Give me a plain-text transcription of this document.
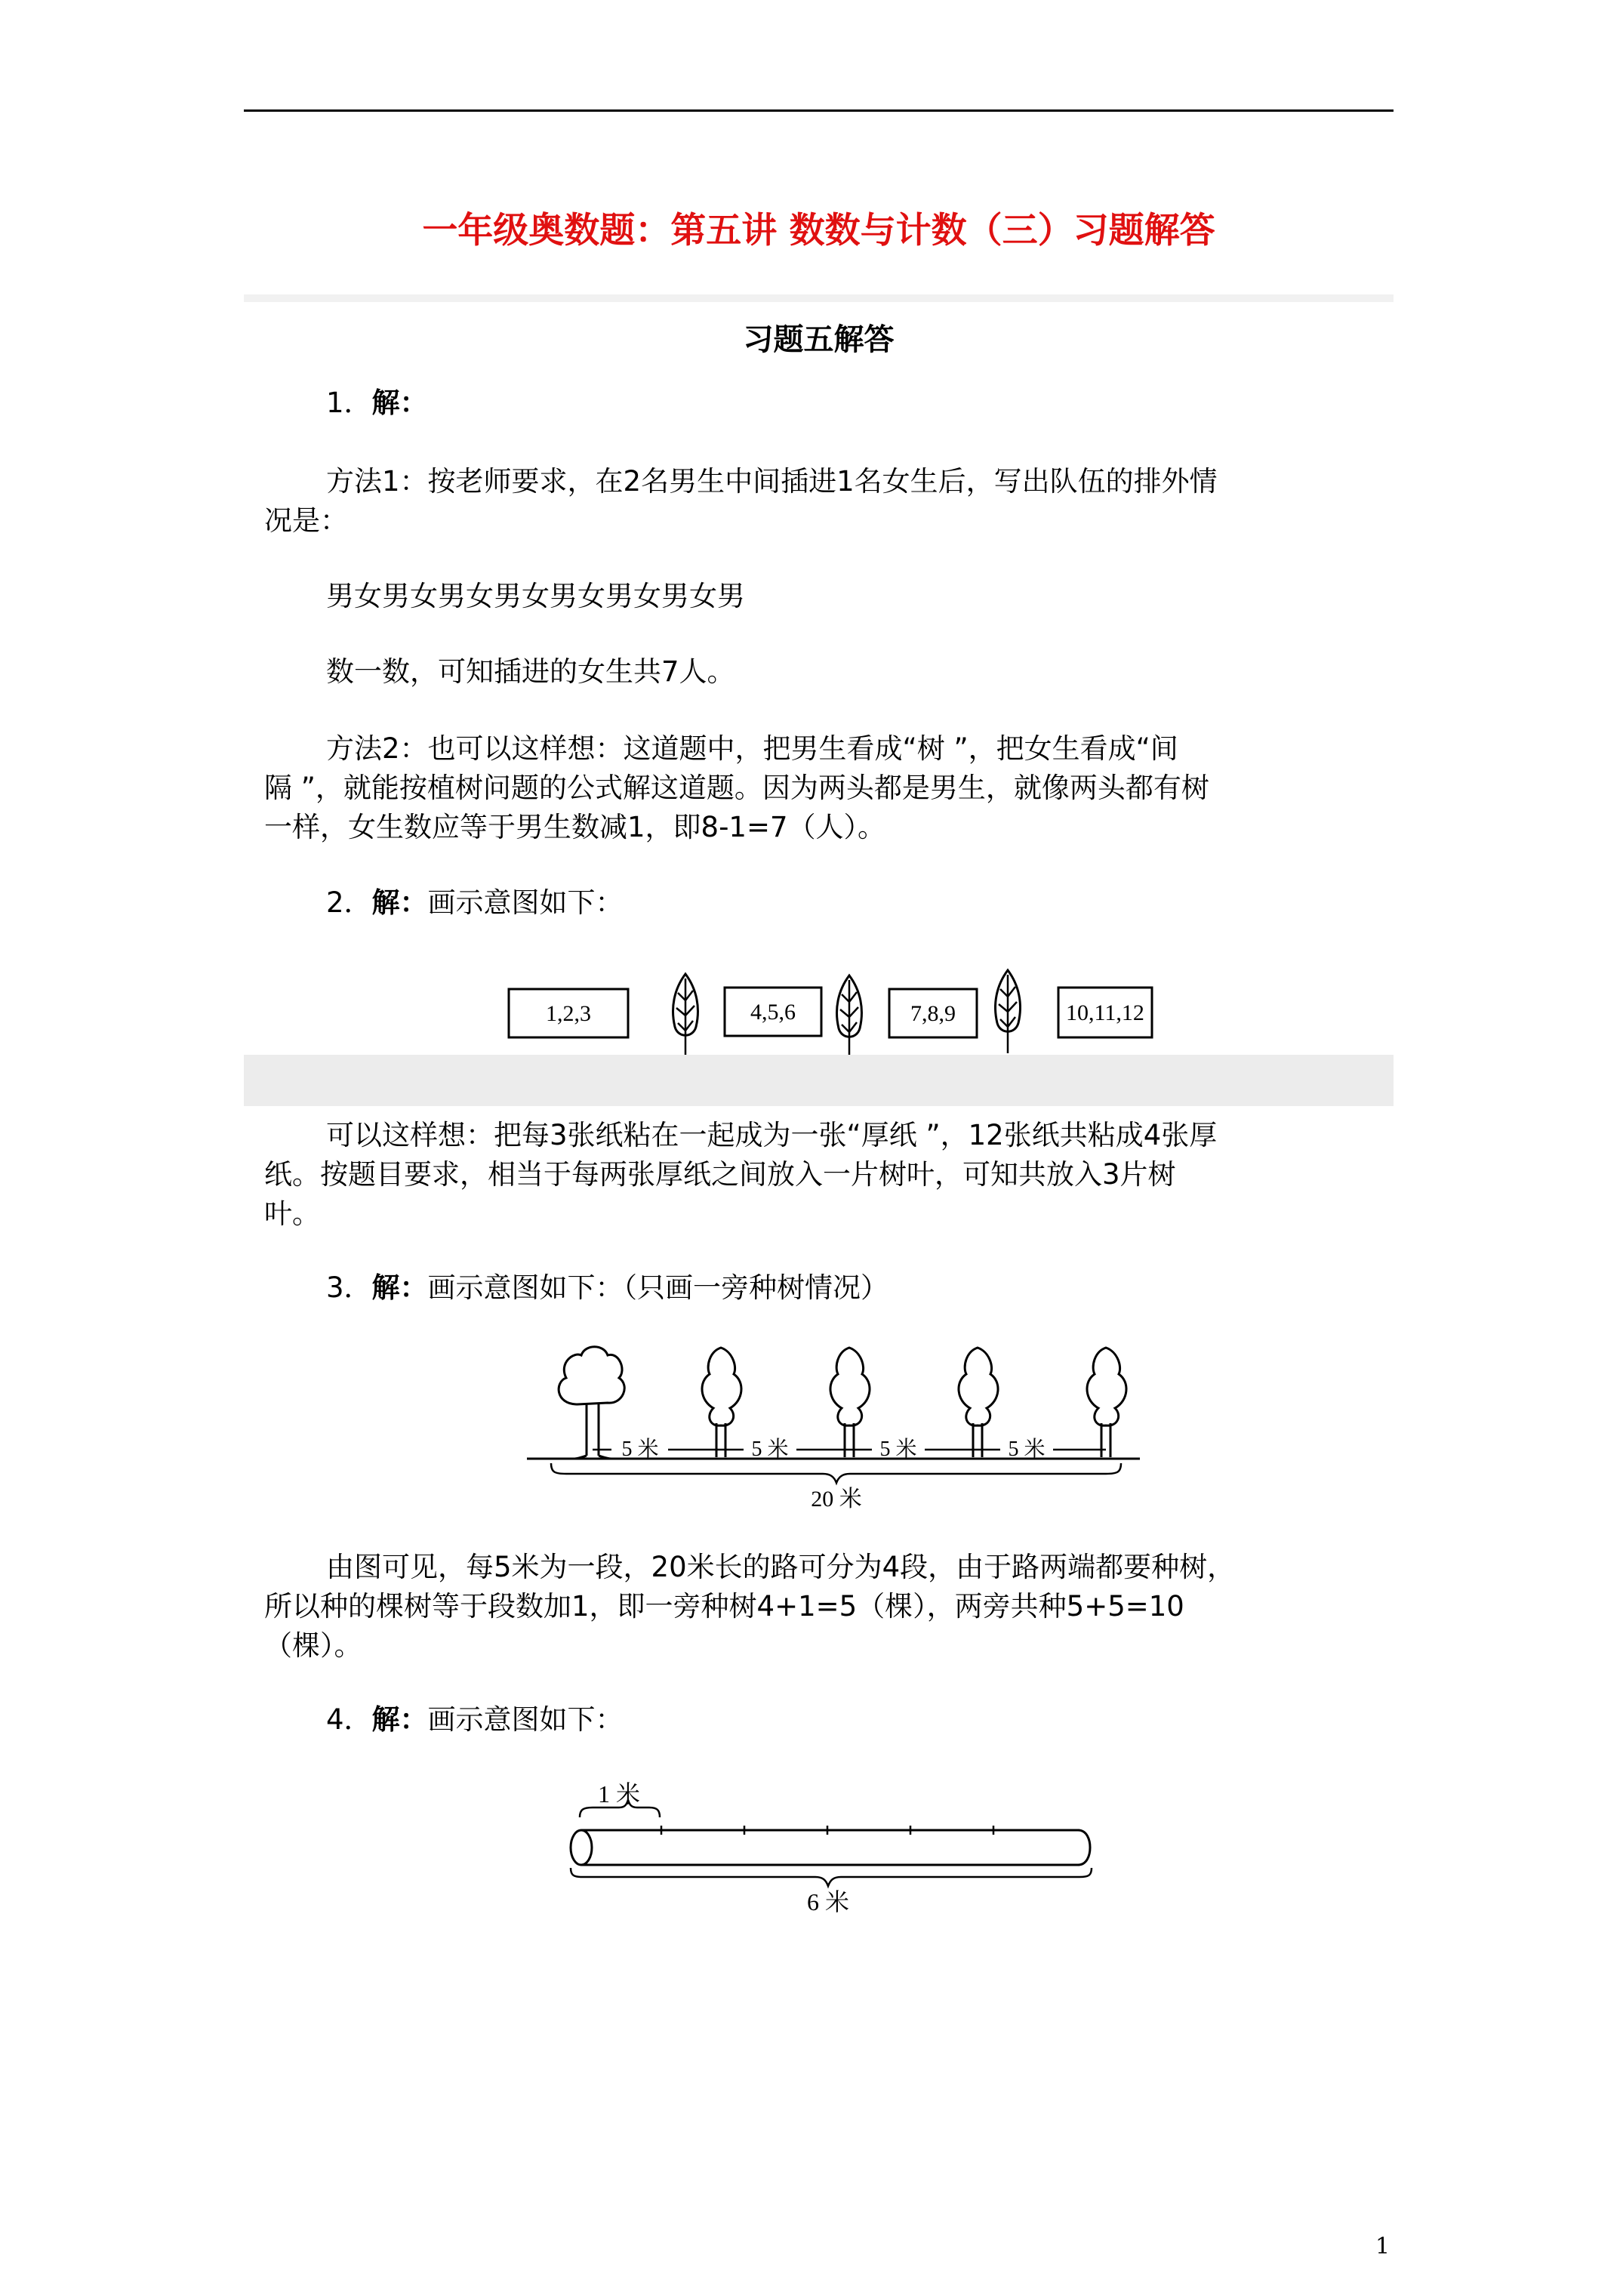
一年级奥数题：第五讲 数数与计数（三）习题解答
习题五解答
1．解：
方法1：按老师要求，在2名男生中间插进1名女生后，写出队伍的排外情
况是：
男女男女男女男女男女男女男女男
数一数，可知插进的女生共7人。
方法2：也可以这样想：这道题中，把男生看成“树 ”，把女生看成“间
隔 ”，就能按植树问题的公式解这道题。因为两头都是男生，就像两头都有树
一样，女生数应等于男生数减1，即8-1=7（人）。
2．解：画示意图如下：
1,2,3	4,5,6	7,8,9	10,11,12
可以这样想：把每3张纸粘在一起成为一张“厚纸 ”，12张纸共粘成4张厚
纸。按题目要求，相当于每两张厚纸之间放入一片树叶，可知共放入3片树
叶。
3．解：画示意图如下：（只画一旁种树情况）
5 米	5 米	5 米	5 米
20 米
由图可见，每5米为一段，20米长的路可分为4段，由于路两端都要种树，
所以种的棵树等于段数加1，即一旁种树4+1=5（棵），两旁共种5+5=10
（棵）。
4．解：画示意图如下：
1 米
6 米
1
